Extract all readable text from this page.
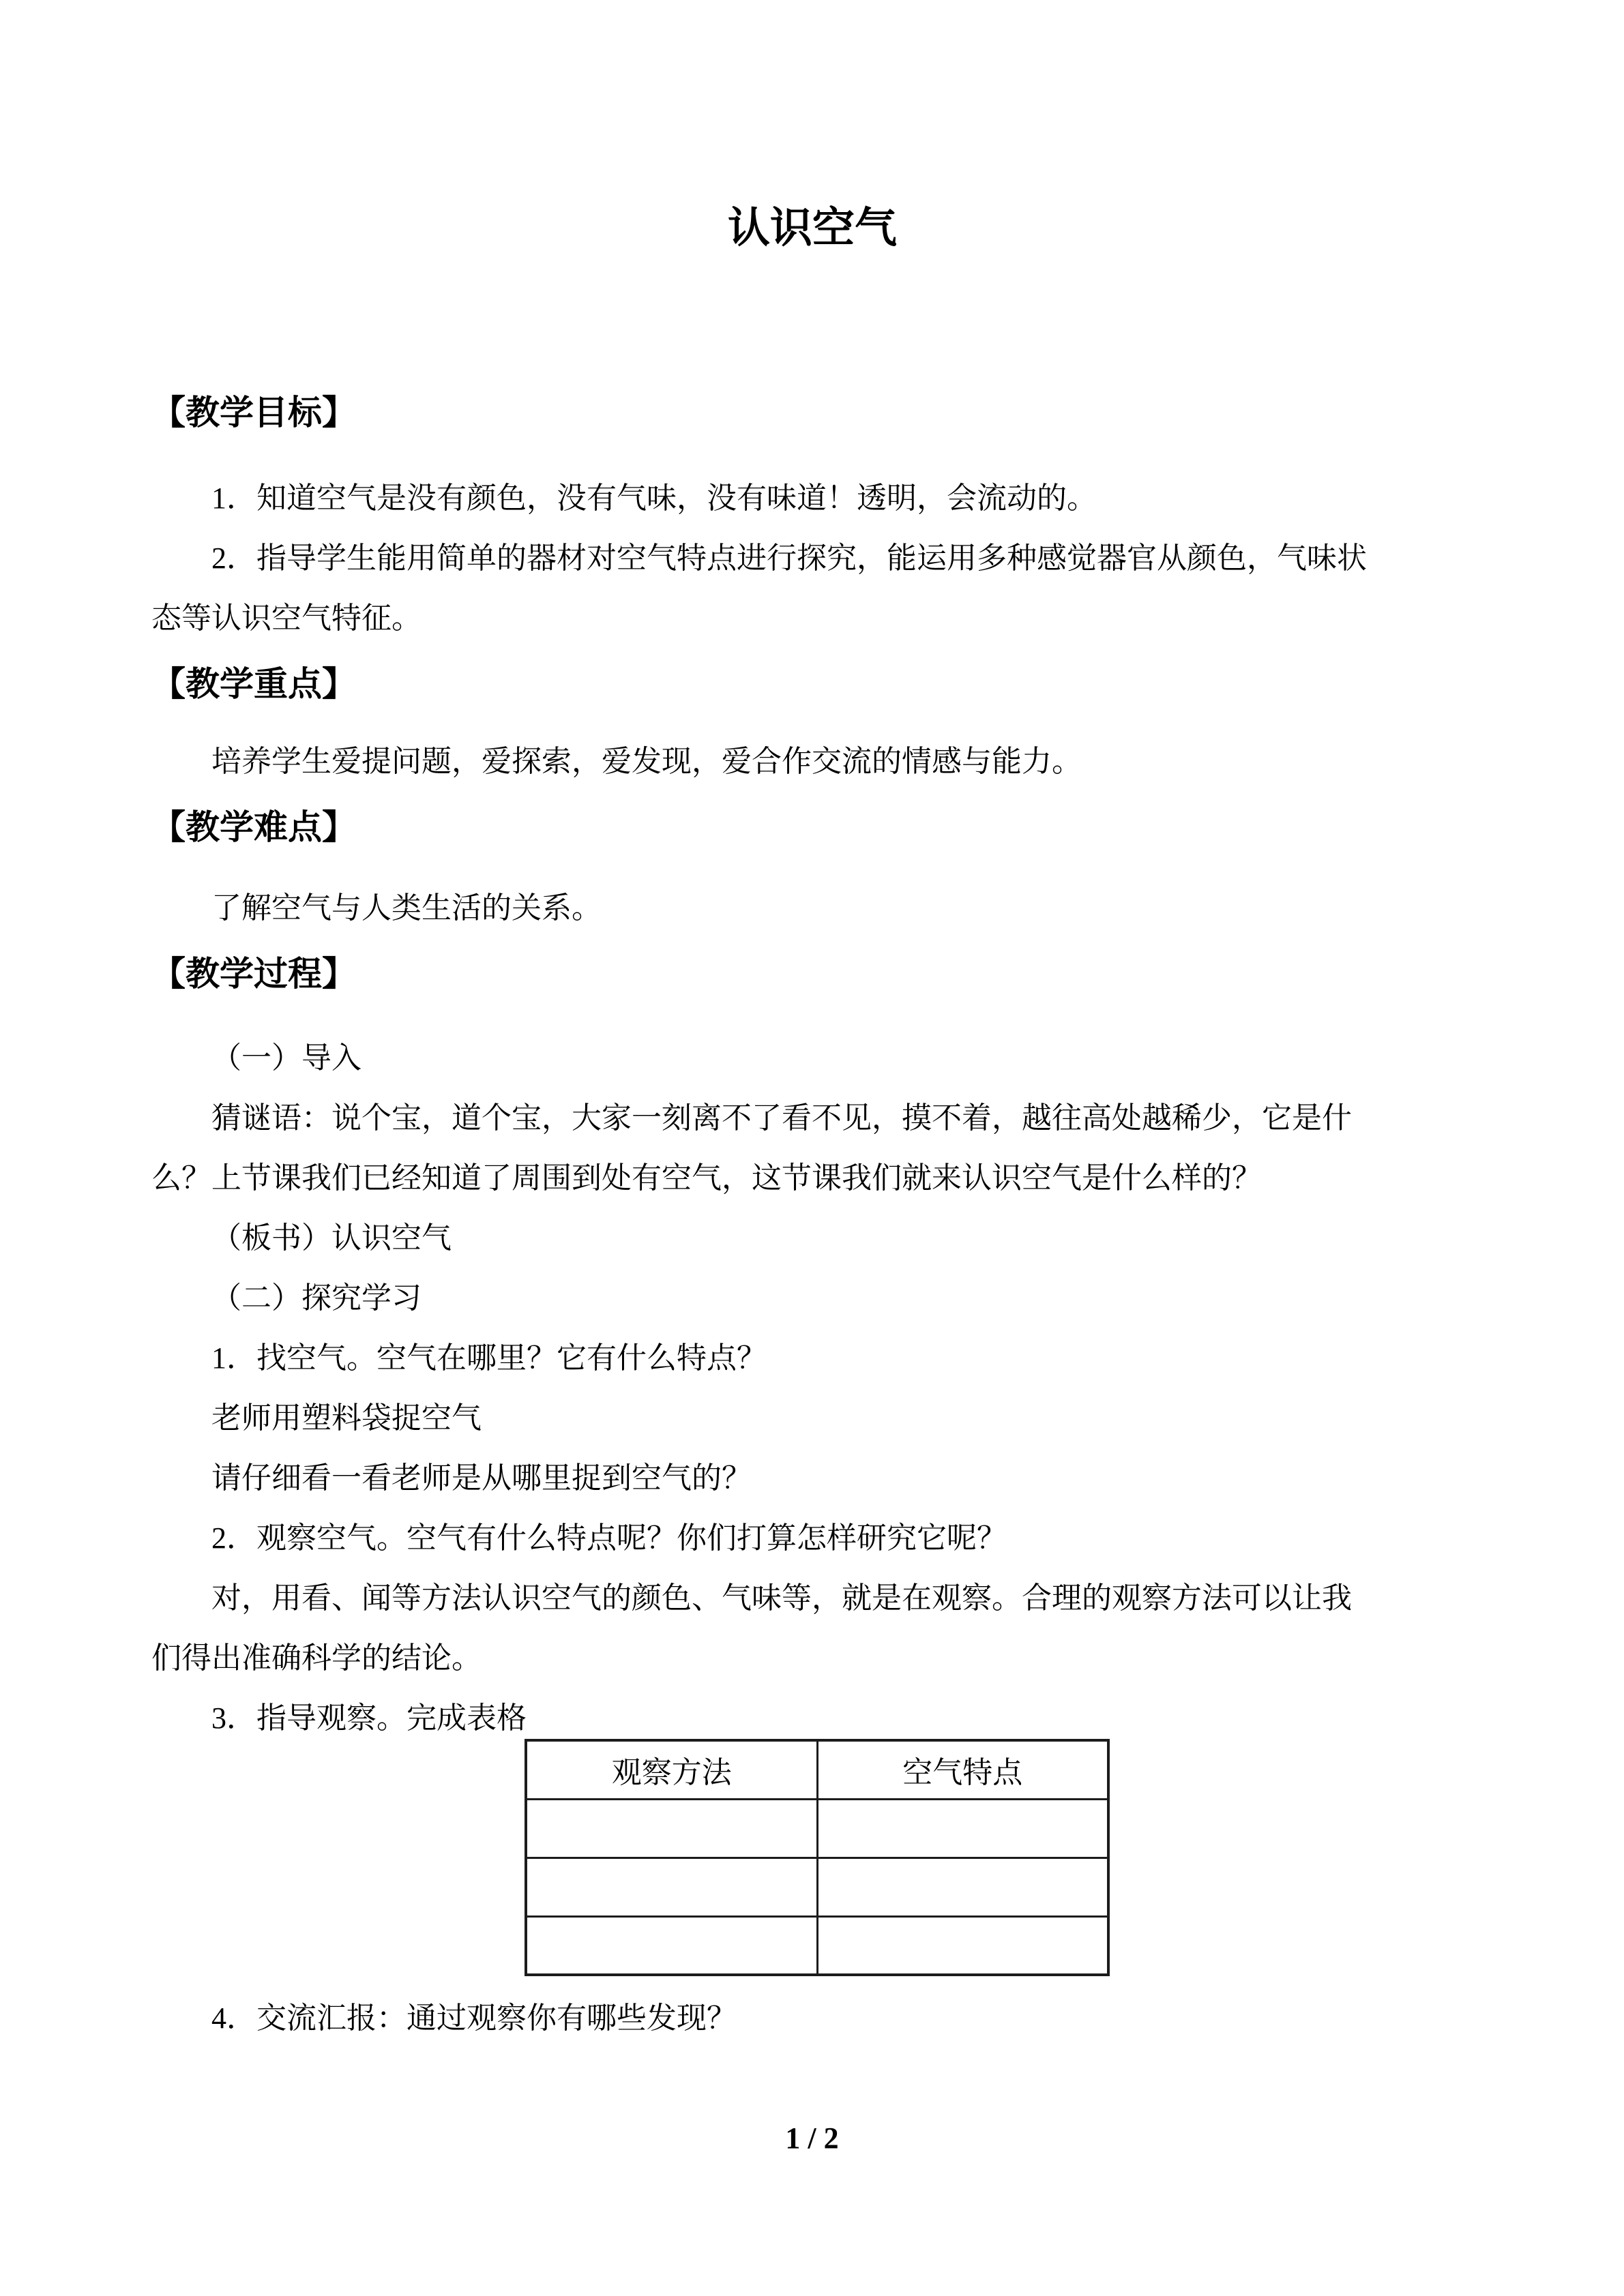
认识空气
【教学目标】
1．知道空气是没有颜色，没有气味，没有味道！透明，会流动的。
2．指导学生能用简单的器材对空气特点进行探究，能运用多种感觉器官从颜色，气味状
态等认识空气特征。
【教学重点】
培养学生爱提问题，爱探索，爱发现，爱合作交流的情感与能力。
【教学难点】
了解空气与人类生活的关系。
【教学过程】
（一）导入
猜谜语：说个宝，道个宝，大家一刻离不了看不见，摸不着，越往高处越稀少，它是什
么？上节课我们已经知道了周围到处有空气，这节课我们就来认识空气是什么样的？
（板书）认识空气
（二）探究学习
1．找空气。空气在哪里？它有什么特点？
老师用塑料袋捉空气
请仔细看一看老师是从哪里捉到空气的？
2．观察空气。空气有什么特点呢？你们打算怎样研究它呢？
对，用看、闻等方法认识空气的颜色、气味等，就是在观察。合理的观察方法可以让我
们得出准确科学的结论。
3．指导观察。完成表格
观察方法	空气特点

4．交流汇报：通过观察你有哪些发现？
1 / 2
